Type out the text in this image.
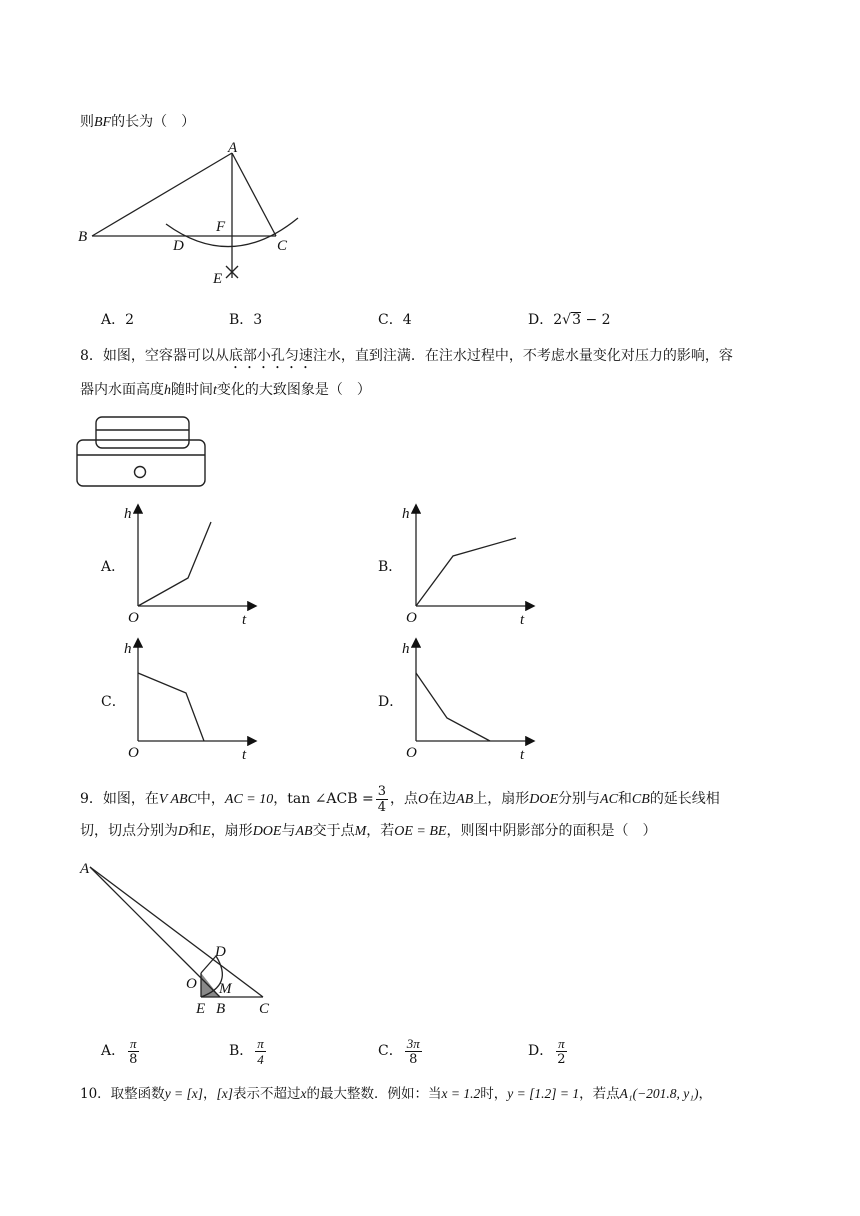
则BF的长为（　）
A
B
C
D
E
F
A．2	B．3	C．4	D．2√3 − 2
8．如图，空容器可以从底部小孔匀速注水，直到注满．在注水过程中，不考虑水量变化对压力的影响，容
器内水面高度h随时间t变化的大致图象是（　）
A．	B．
C．	D．
h
O	t
h
O	t
h
O	t
h
O	t
9．如图，在V ABC中，AC = 10，tan ∠ACB = $\frac{3}{4}$ ，点O在边AB上，扇形DOE分别与AC和CB的延长线相
切，切点分别为D和E，扇形DOE与AB交于点M，若OE = BE，则图中阴影部分的面积是（　）
A
D
O M
E B C
A． $\frac{\pi}{8}$	B． $\frac{\pi}{4}$	C． $\frac{3\pi}{8}$	D． $\frac{\pi}{2}$
10．取整函数y = [x]，[x]表示不超过x的最大整数．例如：当x = 1.2时，y = [1.2] = 1，若点A₁(−201.8, y₁)，
